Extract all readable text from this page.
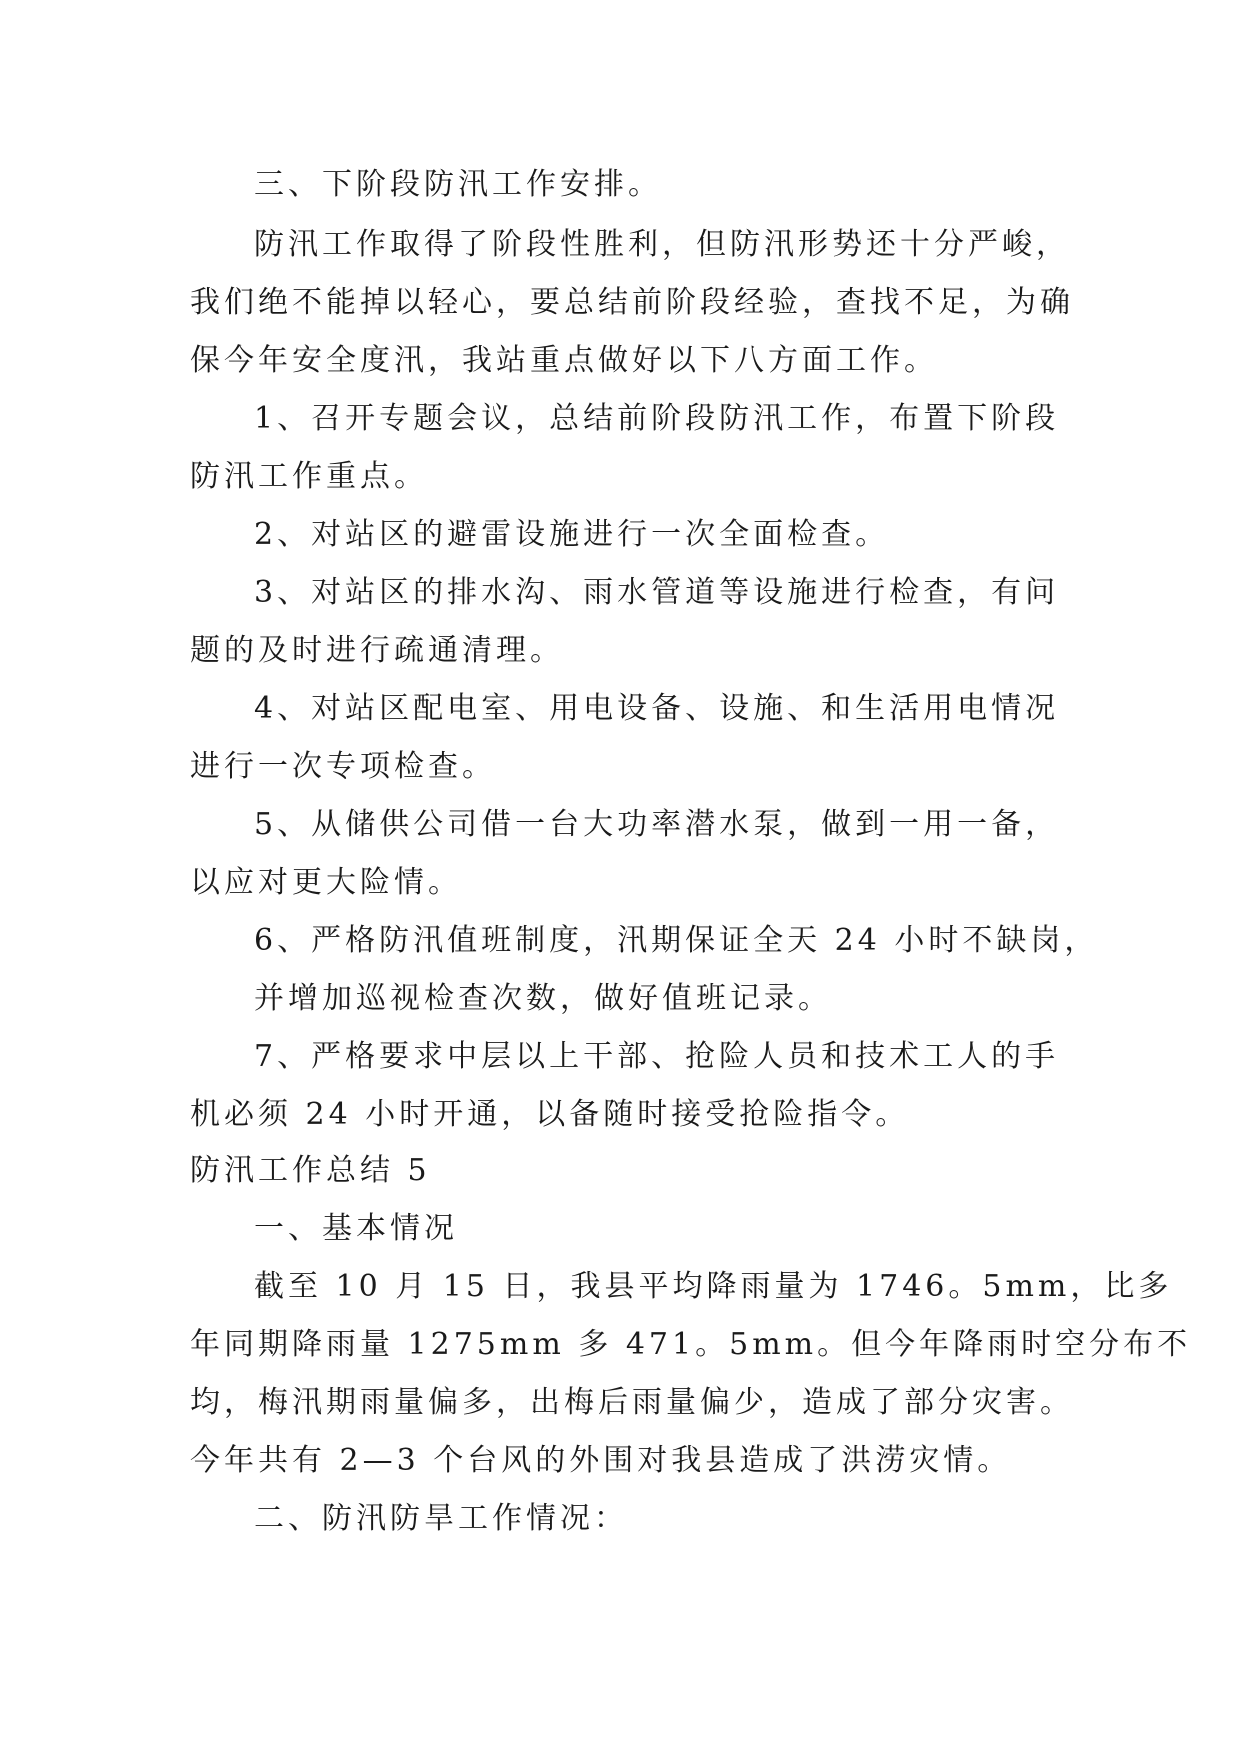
三、下阶段防汛工作安排。
防汛工作取得了阶段性胜利，但防汛形势还十分严峻，
我们绝不能掉以轻心，要总结前阶段经验，查找不足，为确
保今年安全度汛，我站重点做好以下八方面工作。
1、召开专题会议，总结前阶段防汛工作，布置下阶段
防汛工作重点。
2、对站区的避雷设施进行一次全面检查。
3、对站区的排水沟、雨水管道等设施进行检查，有问
题的及时进行疏通清理。
4、对站区配电室、用电设备、设施、和生活用电情况
进行一次专项检查。
5、从储供公司借一台大功率潜水泵，做到一用一备，
以应对更大险情。
6、严格防汛值班制度，汛期保证全天 24 小时不缺岗，
并增加巡视检查次数，做好值班记录。
7、严格要求中层以上干部、抢险人员和技术工人的手
机必须 24 小时开通，以备随时接受抢险指令。
防汛工作总结 5
一、基本情况
截至 10 月 15 日，我县平均降雨量为 1746。5mm，比多
年同期降雨量 1275mm 多 471。5mm。但今年降雨时空分布不
均，梅汛期雨量偏多，出梅后雨量偏少，造成了部分灾害。
今年共有 2—3 个台风的外围对我县造成了洪涝灾情。
二、防汛防旱工作情况：
